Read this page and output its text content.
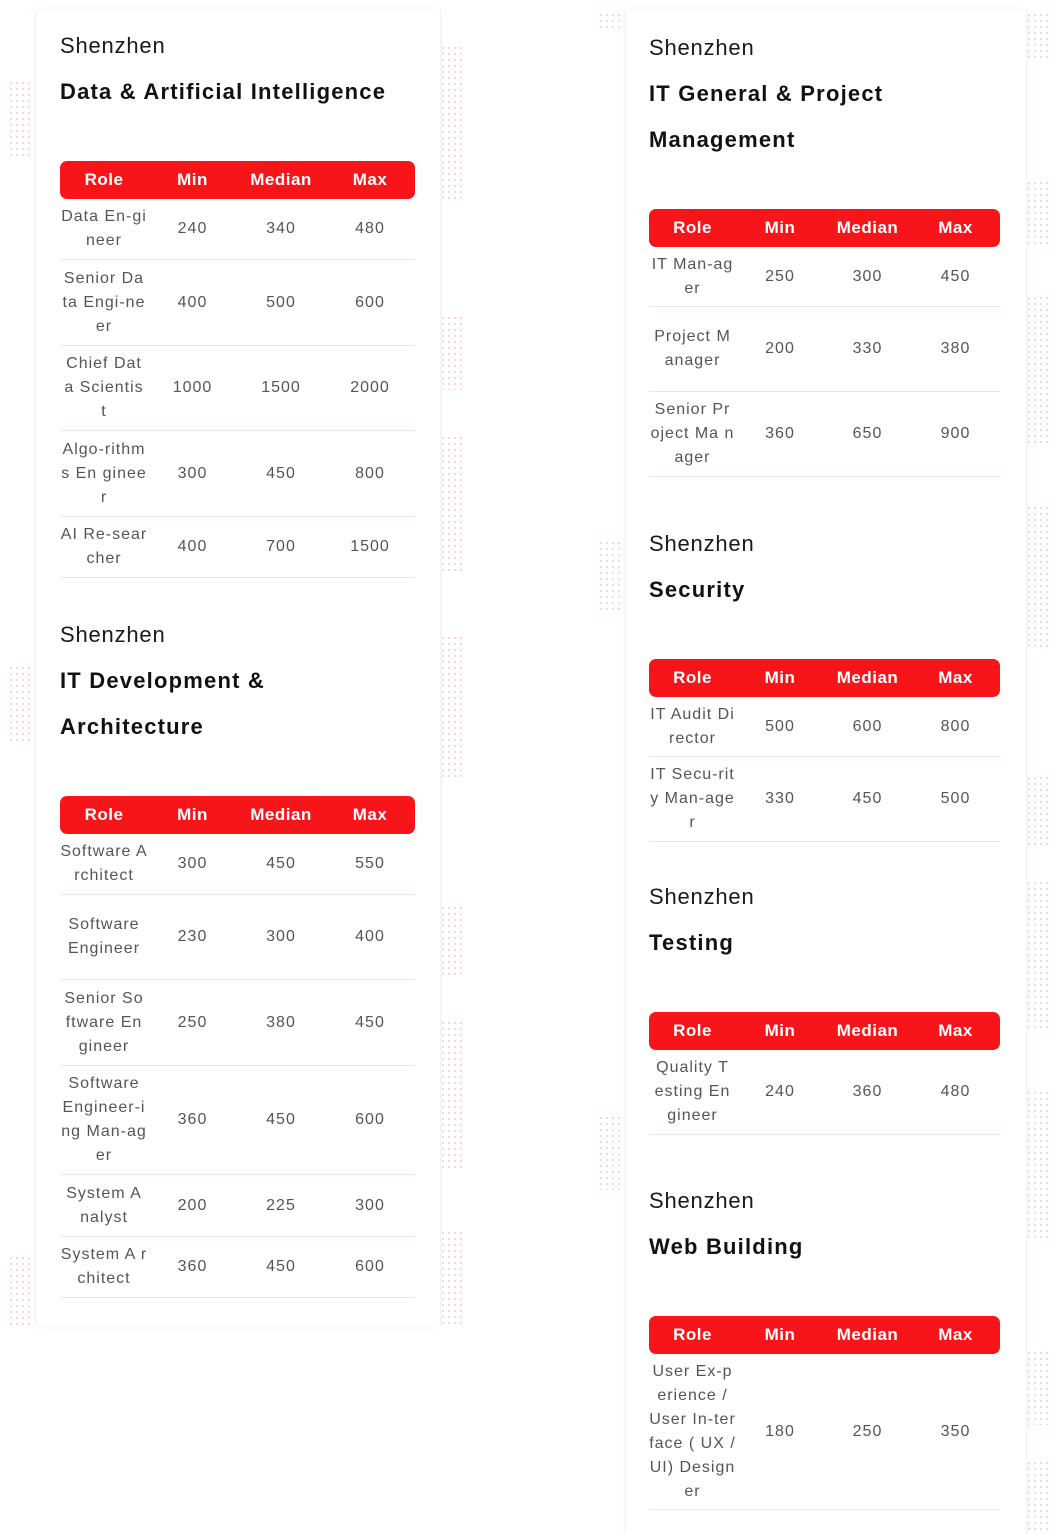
Shenzhen
Data & Artificial Intelligence
Role	Min	Median	Max
Data En-gineer	240	340	480
Senior Da ta Engi-neer	400	500	600
Chief Dat a Scientis t	1000	1500	2000
Algo-rithms En gineer	300	450	800
AI Re-searcher	400	700	1500
Shenzhen
IT Development & Architecture
Role	Min	Median	Max
Software Architect	300	450	550
Software Engineer	230	300	400
Senior So ftware En gineer	250	380	450
Software Engineer-ing Man-ager	360	450	600
System A nalyst	200	225	300
System A rchitect	360	450	600
Shenzhen
IT General & Project Management
Role	Min	Median	Max
IT Man-ager	250	300	450
Project M anager	200	330	380
Senior Pr oject Ma nager	360	650	900
Shenzhen
Security
Role	Min	Median	Max
IT Audit Director	500	600	800
IT Secu-rity Man-ager	330	450	500
Shenzhen
Testing
Role	Min	Median	Max
Quality T esting En gineer	240	360	480
Shenzhen
Web Building
Role	Min	Median	Max
User Ex-perience / User In-terface ( UX / UI) Designer	180	250	350
